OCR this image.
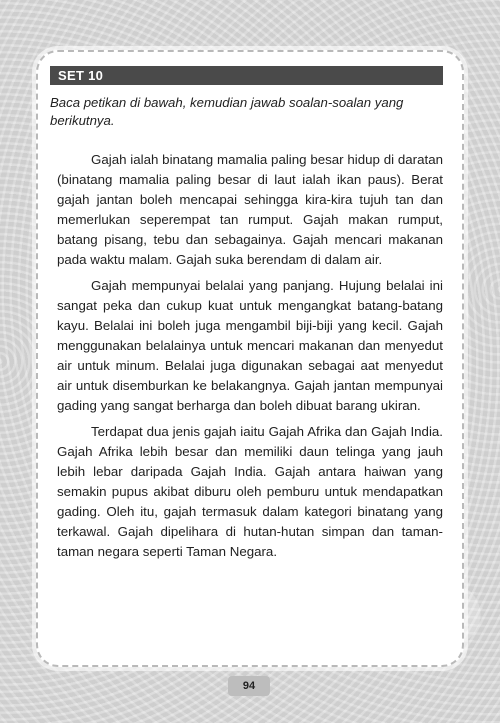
SET 10
Baca petikan di bawah, kemudian jawab soalan-soalan yang berikutnya.

Gajah ialah binatang mamalia paling besar hidup di daratan (binatang mamalia paling besar di laut ialah ikan paus). Berat gajah jantan boleh mencapai sehingga kira-kira tujuh tan dan memerlukan seperempat tan rumput. Gajah makan rumput, batang pisang, tebu dan sebagainya. Gajah mencari makanan pada waktu malam. Gajah suka berendam di dalam air.

Gajah mempunyai belalai yang panjang. Hujung belalai ini sangat peka dan cukup kuat untuk mengangkat batang-batang kayu. Belalai ini boleh juga mengambil biji-biji yang kecil. Gajah menggunakan belalainya untuk mencari makanan dan menyedut air untuk minum. Belalai juga digunakan sebagai aat menyedut air untuk disemburkan ke belakangnya. Gajah jantan mempunyai gading yang sangat berharga dan boleh dibuat barang ukiran.

Terdapat dua jenis gajah iaitu Gajah Afrika dan Gajah India. Gajah Afrika lebih besar dan memiliki daun telinga yang jauh lebih lebar daripada Gajah India. Gajah antara haiwan yang semakin pupus akibat diburu oleh pemburu untuk mendapatkan gading. Oleh itu, gajah termasuk dalam kategori binatang yang terkawal. Gajah dipelihara di hutan-hutan simpan dan taman-taman negara seperti Taman Negara.

94
